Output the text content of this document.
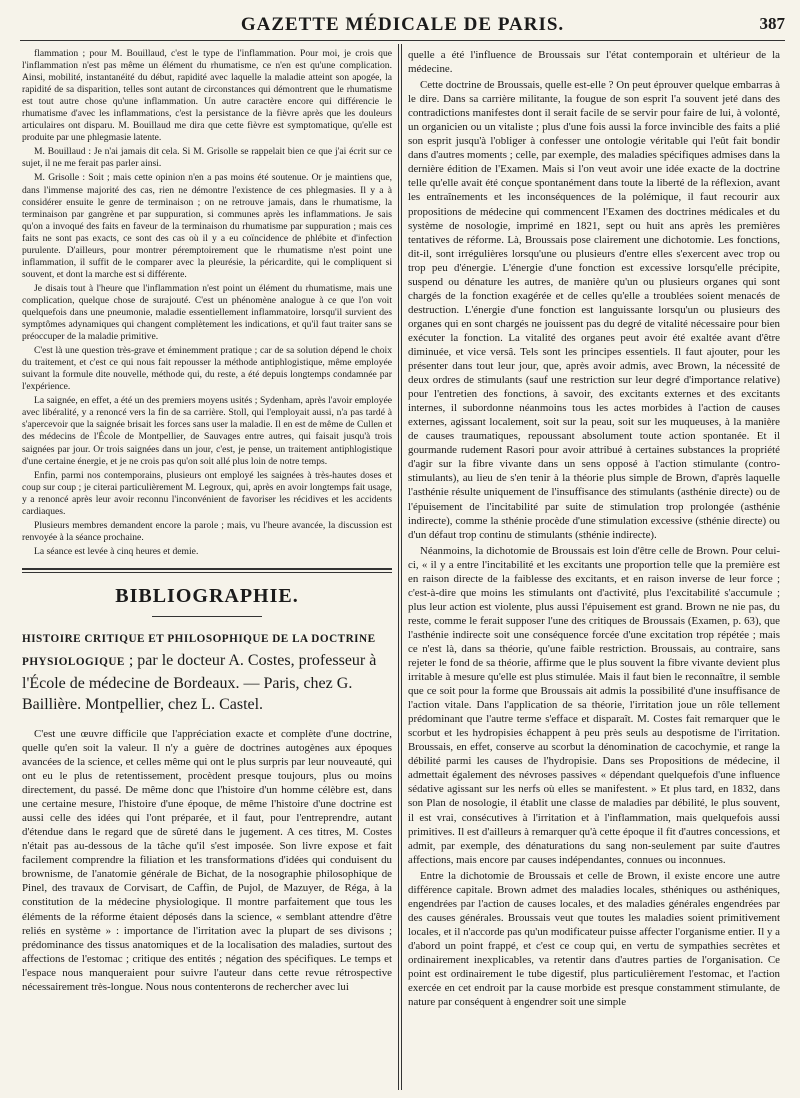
GAZETTE MÉDICALE DE PARIS.	387

flammation ; pour M. Bouillaud, c'est le type de l'inflammation. Pour moi, je crois que l'inflammation n'est pas même un élément du rhumatisme, ce n'en est qu'une complication. Ainsi, mobilité, instantanéité du début, rapidité avec laquelle la maladie atteint son apogée, la rapidité de sa disparition, telles sont autant de circonstances qui démontrent que le rhumatisme est tout autre chose qu'une inflammation. Un autre caractère encore qui différencie le rhumatisme d'avec les inflammations, c'est la persistance de la fièvre après que les douleurs articulaires ont disparu. M. Bouillaud me dira que cette fièvre est symptomatique, qu'elle est produite par une phlegmasie latente.

M. Bouillaud : Je n'ai jamais dit cela. Si M. Grisolle se rappelait bien ce que j'ai écrit sur ce sujet, il ne me ferait pas parler ainsi.

M. Grisolle : Soit ; mais cette opinion n'en a pas moins été soutenue. Or je maintiens que, dans l'immense majorité des cas, rien ne démontre l'existence de ces phlegmasies. Il y a à considérer ensuite le genre de terminaison ; on ne retrouve jamais, dans le rhumatisme, la terminaison par gangrène et par suppuration, si communes après les inflammations. Je sais qu'on a invoqué des faits en faveur de la terminaison du rhumatisme par suppuration ; mais ces faits ne sont pas exacts, ce sont des cas où il y a eu coïncidence de phlébite et d'infection purulente. D'ailleurs, pour montrer péremptoirement que le rhumatisme n'est point une inflammation, il suffit de le comparer avec la pleurésie, la péricardite, qui le compliquent si souvent, et dont la marche est si différente.

Je disais tout à l'heure que l'inflammation n'est point un élément du rhumatisme, mais une complication, quelque chose de surajouté. C'est un phénomène analogue à ce que l'on voit quelquefois dans une pneumonie, maladie essentiellement inflammatoire, lorsqu'il survient des symptômes adynamiques qui changent complètement les indications, et qu'il faut traiter sans se préoccuper de la maladie primitive.

C'est là une question très-grave et éminemment pratique ; car de sa solution dépend le choix du traitement, et c'est ce qui nous fait repousser la méthode antiphlogistique, même employée suivant la formule dite nouvelle, méthode qui, du reste, a été depuis longtemps condamnée par l'expérience.

La saignée, en effet, a été un des premiers moyens usités ; Sydenham, après l'avoir employée avec libéralité, y a renoncé vers la fin de sa carrière. Stoll, qui l'employait aussi, n'a pas tardé à s'apercevoir que la saignée brisait les forces sans user la maladie. Il en est de même de Cullen et des médecins de l'École de Montpellier, de Sauvages entre autres, qui faisait jusqu'à trois saignées par jour. Or trois saignées dans un jour, c'est, je pense, un traitement antiphlogistique d'une certaine énergie, et je ne crois pas qu'on soit allé plus loin de notre temps.

Enfin, parmi nos contemporains, plusieurs ont employé les saignées à très-hautes doses et coup sur coup ; je citerai particulièrement M. Legroux, qui, après en avoir longtemps fait usage, y a renoncé après leur avoir reconnu l'inconvénient de favoriser les récidives et les accidents cardiaques.

Plusieurs membres demandent encore la parole ; mais, vu l'heure avancée, la discussion est renvoyée à la séance prochaine.

La séance est levée à cinq heures et demie.

BIBLIOGRAPHIE.

HISTOIRE CRITIQUE ET PHILOSOPHIQUE DE LA DOCTRINE PHYSIOLOGIQUE ; par le docteur A. Costes, professeur à l'École de médecine de Bordeaux. — Paris, chez G. Baillière. Montpellier, chez L. Castel.

C'est une œuvre difficile que l'appréciation exacte et complète d'une doctrine, quelle qu'en soit la valeur. Il n'y a guère de doctrines autogènes aux époques avancées de la science, et celles même qui ont le plus surpris par leur nouveauté, qui ont eu le plus de retentissement, procèdent presque toujours, plus ou moins directement, du passé. De même donc que l'histoire d'un homme célèbre est, dans une certaine mesure, l'histoire d'une époque, de même l'histoire d'une doctrine est aussi celle des idées qui l'ont préparée, et il faut, pour l'entreprendre, autant d'étendue dans le regard que de sûreté dans le jugement. A ces titres, M. Costes n'était pas au-dessous de la tâche qu'il s'est imposée. Son livre expose et fait facilement comprendre la filiation et les transformations d'idées qui conduisent du brownisme, de l'anatomie générale de Bichat, de la nosographie philosophique de Pinel, des travaux de Corvisart, de Caffin, de Pujol, de Mazuyer, de Réga, à la constitution de la médecine physiologique. Il montre parfaitement que tous les éléments de la réforme étaient déposés dans la science, « semblant attendre d'être reliés en système » : importance de l'irritation avec la plupart de ses divisons ; prédominance des tissus anatomiques et de la localisation des maladies, surtout des affections de l'estomac ; critique des entités ; négation des spécifiques. Le temps et l'espace nous manqueraient pour suivre l'auteur dans cette revue rétrospective nécessairement très-longue. Nous nous contenterons de rechercher avec lui

quelle a été l'influence de Broussais sur l'état contemporain et ultérieur de la médecine.

Cette doctrine de Broussais, quelle est-elle ? On peut éprouver quelque embarras à le dire. Dans sa carrière militante, la fougue de son esprit l'a souvent jeté dans des contradictions manifestes dont il serait facile de se servir pour faire de lui, à volonté, un organicien ou un vitaliste ; plus d'une fois aussi la force invincible des faits a plié son esprit jusqu'à l'obliger à confesser une ontologie véritable qui l'eût fait bondir dans d'autres moments ; celle, par exemple, des maladies spécifiques admises dans la dernière édition de l'Examen. Mais si l'on veut avoir une idée exacte de la doctrine telle qu'elle avait été conçue spontanément dans toute la liberté de la réflexion, avant les entraînements et les inconséquences de la polémique, il faut recourir aux propositions de médecine qui commencent l'Examen des doctrines médicales et du système de nosologie, imprimé en 1821, sept ou huit ans après les premières tentatives de réforme. Là, Broussais pose clairement une dichotomie. Les fonctions, dit-il, sont irrégulières lorsqu'une ou plusieurs d'entre elles s'exercent avec trop ou trop peu d'énergie. L'énergie d'une fonction est excessive lorsqu'elle précipite, suspend ou dénature les autres, de manière qu'un ou plusieurs organes qui sont chargés de la fonction exagérée et de celles qu'elle a troublées soient menacés de destruction. L'énergie d'une fonction est languissante lorsqu'un ou plusieurs des organes qui en sont chargés ne jouissent pas du degré de vitalité nécessaire pour bien exécuter la fonction. La vitalité des organes peut avoir été exaltée avant d'être diminuée, et vice versâ. Tels sont les principes essentiels. Il faut ajouter, pour les présenter dans tout leur jour, que, après avoir admis, avec Brown, la nécessité de deux ordres de stimulants (sauf une restriction sur leur degré d'importance relative) pour l'entretien des fonctions, à savoir, des excitants externes et des excitants internes, il subordonne néanmoins tous les actes morbides à l'action de causes externes, agissant localement, soit sur la peau, soit sur les muqueuses, à la manière de causes traumatiques, repoussant absolument toute action spontanée. Et il gourmande rudement Rasori pour avoir attribué à certaines substances la propriété d'agir sur la fibre vivante dans un sens opposé à l'action stimulante (contro-stimulants), au lieu de s'en tenir à la théorie plus simple de Brown, d'après laquelle l'asthénie résulte uniquement de l'insuffisance des stimulants (asthénie directe) ou de l'épuisement de l'incitabilité par suite de stimulation trop prolongée (asthénie indirecte), comme la sthénie procède d'une stimulation excessive (sthénie directe) ou d'un défaut trop continu de stimulants (sthénie indirecte).

Néanmoins, la dichotomie de Broussais est loin d'être celle de Brown. Pour celui-ci, « il y a entre l'incitabilité et les excitants une proportion telle que la première est en raison directe de la faiblesse des excitants, et en raison inverse de leur force ; c'est-à-dire que moins les stimulants ont d'activité, plus l'excitabilité s'accumule ; plus leur action est violente, plus aussi l'épuisement est grand. Brown ne nie pas, du reste, comme le ferait supposer l'une des critiques de Broussais (Examen, p. 63), que l'asthénie indirecte soit une conséquence forcée d'une excitation trop répétée ; mais ce n'est là, dans sa théorie, qu'une faible restriction. Broussais, au contraire, sans rejeter le fond de sa théorie, affirme que le plus souvent la fibre vivante devient plus irritable à mesure qu'elle est plus stimulée. Mais il faut bien le reconnaître, il semble que ce soit pour la forme que Broussais ait admis la possibilité d'une insuffisance de l'action vitale. Dans l'application de sa théorie, l'irritation joue un rôle tellement prédominant que l'autre terme s'efface et disparaît. M. Costes fait remarquer que le scorbut et les hydropisies échappent à peu près seuls au despotisme de l'irritation. Broussais, en effet, conserve au scorbut la dénomination de cacochymie, et range la débilité parmi les causes de l'hydropisie. Dans ses Propositions de médecine, il admettait également des névroses passives « dépendant quelquefois d'une influence sédative agissant sur les nerfs où elles se manifestent. » Et plus tard, en 1832, dans son Plan de nosologie, il établit une classe de maladies par débilité, le plus souvent, il est vrai, consécutives à l'irritation et à l'inflammation, mais quelquefois aussi primitives. Il est d'ailleurs à remarquer qu'à cette époque il fit d'autres concessions, et admit, par exemple, des dénaturations du sang non-seulement par suite d'autres affections, mais encore par causes indépendantes, connues ou inconnues.

Entre la dichotomie de Broussais et celle de Brown, il existe encore une autre différence capitale. Brown admet des maladies locales, sthéniques ou asthéniques, engendrées par l'action de causes locales, et des maladies générales engendrées par des causes générales. Broussais veut que toutes les maladies soient primitivement locales, et il n'accorde pas qu'un modificateur puisse affecter l'organisme entier. Il y a d'abord un point frappé, et c'est ce coup qui, en vertu de sympathies secrètes et ordinairement inexplicables, va retentir dans d'autres parties de l'organisation. Ce point est ordinairement le tube digestif, plus particulièrement l'estomac, et l'action exercée en cet endroit par la cause morbide est presque constamment stimulante, de nature par conséquent à engendrer soit une simple
